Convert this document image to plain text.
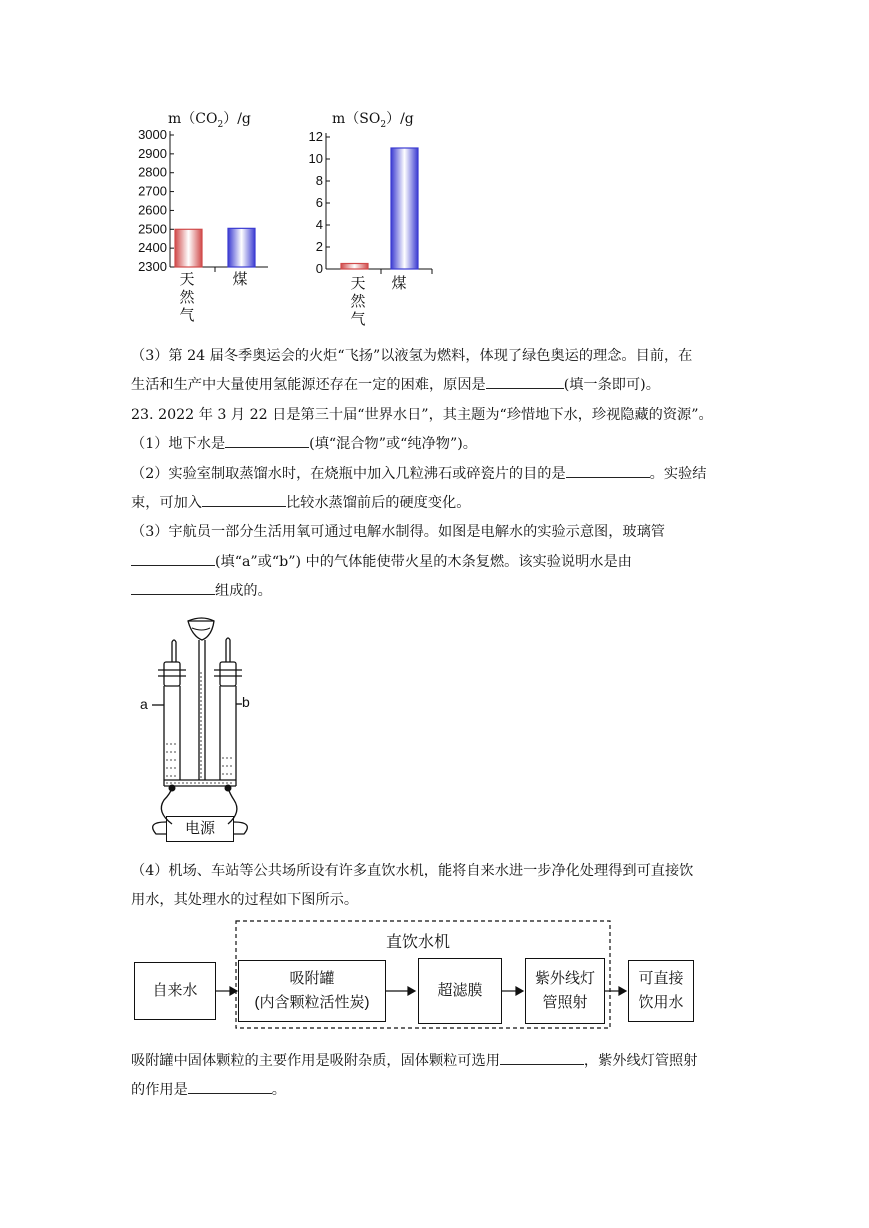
$m(CO_2)/g$
3000
2900
2800
2700
2600
2500
2400
2300
天然气
煤
$m(SO_2)/g$
12
10
8
6
4
2
0
天然气
煤
（3）第 24 届冬季奥运会的火炬“飞扬”以液氢为燃料，体现了绿色奥运的理念。目前，在
生活和生产中大量使用氢能源还存在一定的困难，原因是	(填一条即可)。
23. 2022 年 3 月 22 日是第三十届“世界水日”，其主题为“珍惜地下水，珍视隐藏的资源”。
（1）地下水是	(填“混合物”或“纯净物”)。
（2）实验室制取蒸馏水时，在烧瓶中加入几粒沸石或碎瓷片的目的是	。实验结
束，可加入	比较水蒸馏前后的硬度变化。
（3）宇航员一部分生活用氧可通过电解水制得。如图是电解水的实验示意图，玻璃管
(填“a”或“b”) 中的气体能使带火星的木条复燃。该实验说明水是由
组成的。
a	b
电源
（4）机场、车站等公共场所设有许多直饮水机，能将自来水进一步净化处理得到可直接饮
用水，其处理水的过程如下图所示。
直饮水机
自来水
吸附罐
(内含颗粒活性炭)
超滤膜
紫外线灯
管照射
可直接
饮用水
吸附罐中固体颗粒的主要作用是吸附杂质，固体颗粒可选用	，紫外线灯管照射
的作用是	。
